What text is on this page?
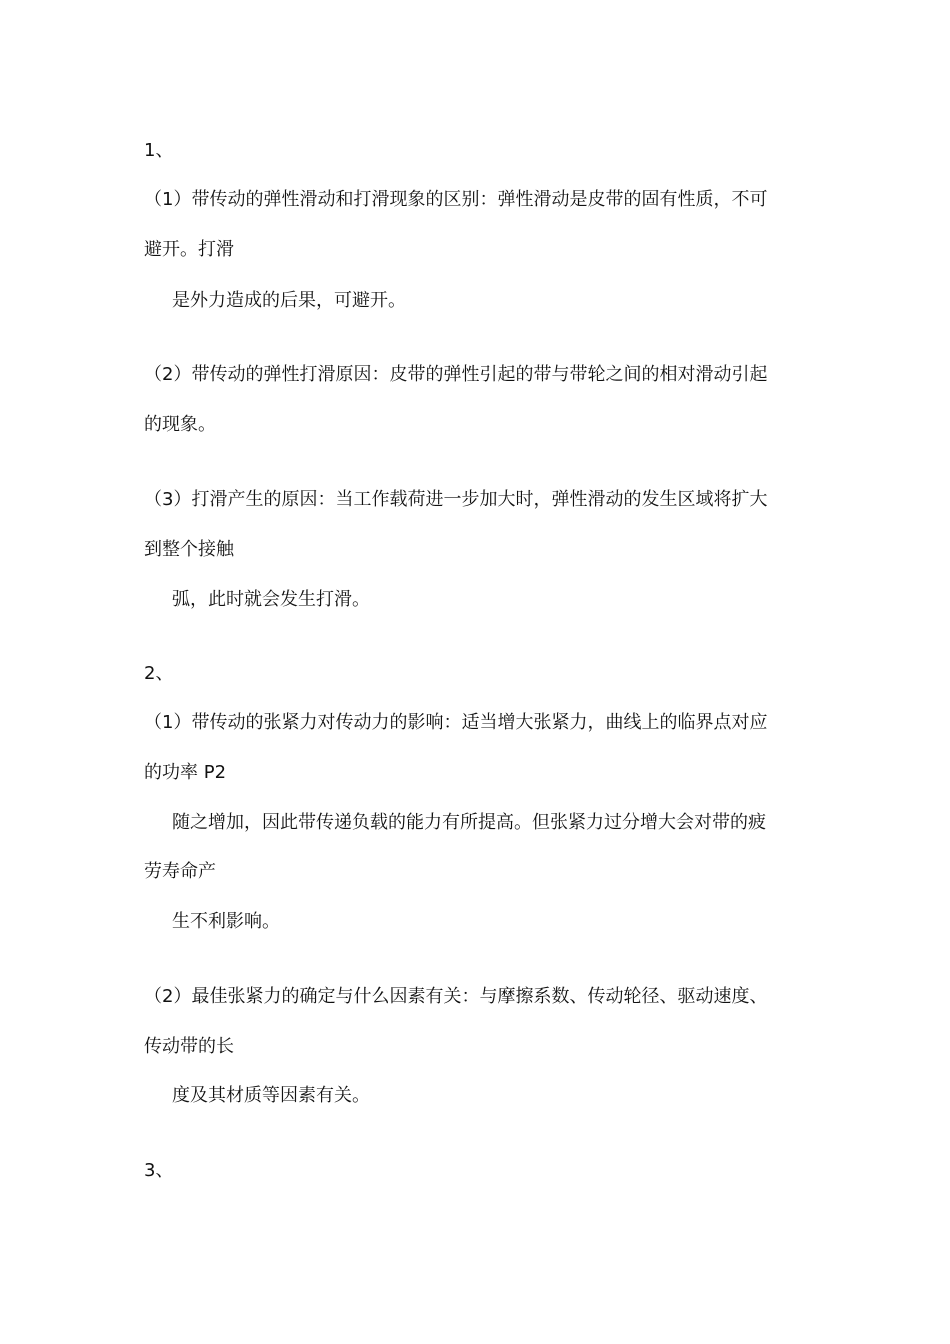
1、
（1）带传动的弹性滑动和打滑现象的区别：弹性滑动是皮带的固有性质，不可
避开。打滑
是外力造成的后果，可避开。
（2）带传动的弹性打滑原因：皮带的弹性引起的带与带轮之间的相对滑动引起
的现象。
（3）打滑产生的原因：当工作载荷进一步加大时，弹性滑动的发生区域将扩大
到整个接触
弧，此时就会发生打滑。
2、
（1）带传动的张紧力对传动力的影响：适当增大张紧力，曲线上的临界点对应
的功率 P2
随之增加，因此带传递负载的能力有所提高。但张紧力过分增大会对带的疲
劳寿命产
生不利影响。
（2）最佳张紧力的确定与什么因素有关：与摩擦系数、传动轮径、驱动速度、
传动带的长
度及其材质等因素有关。
3、
